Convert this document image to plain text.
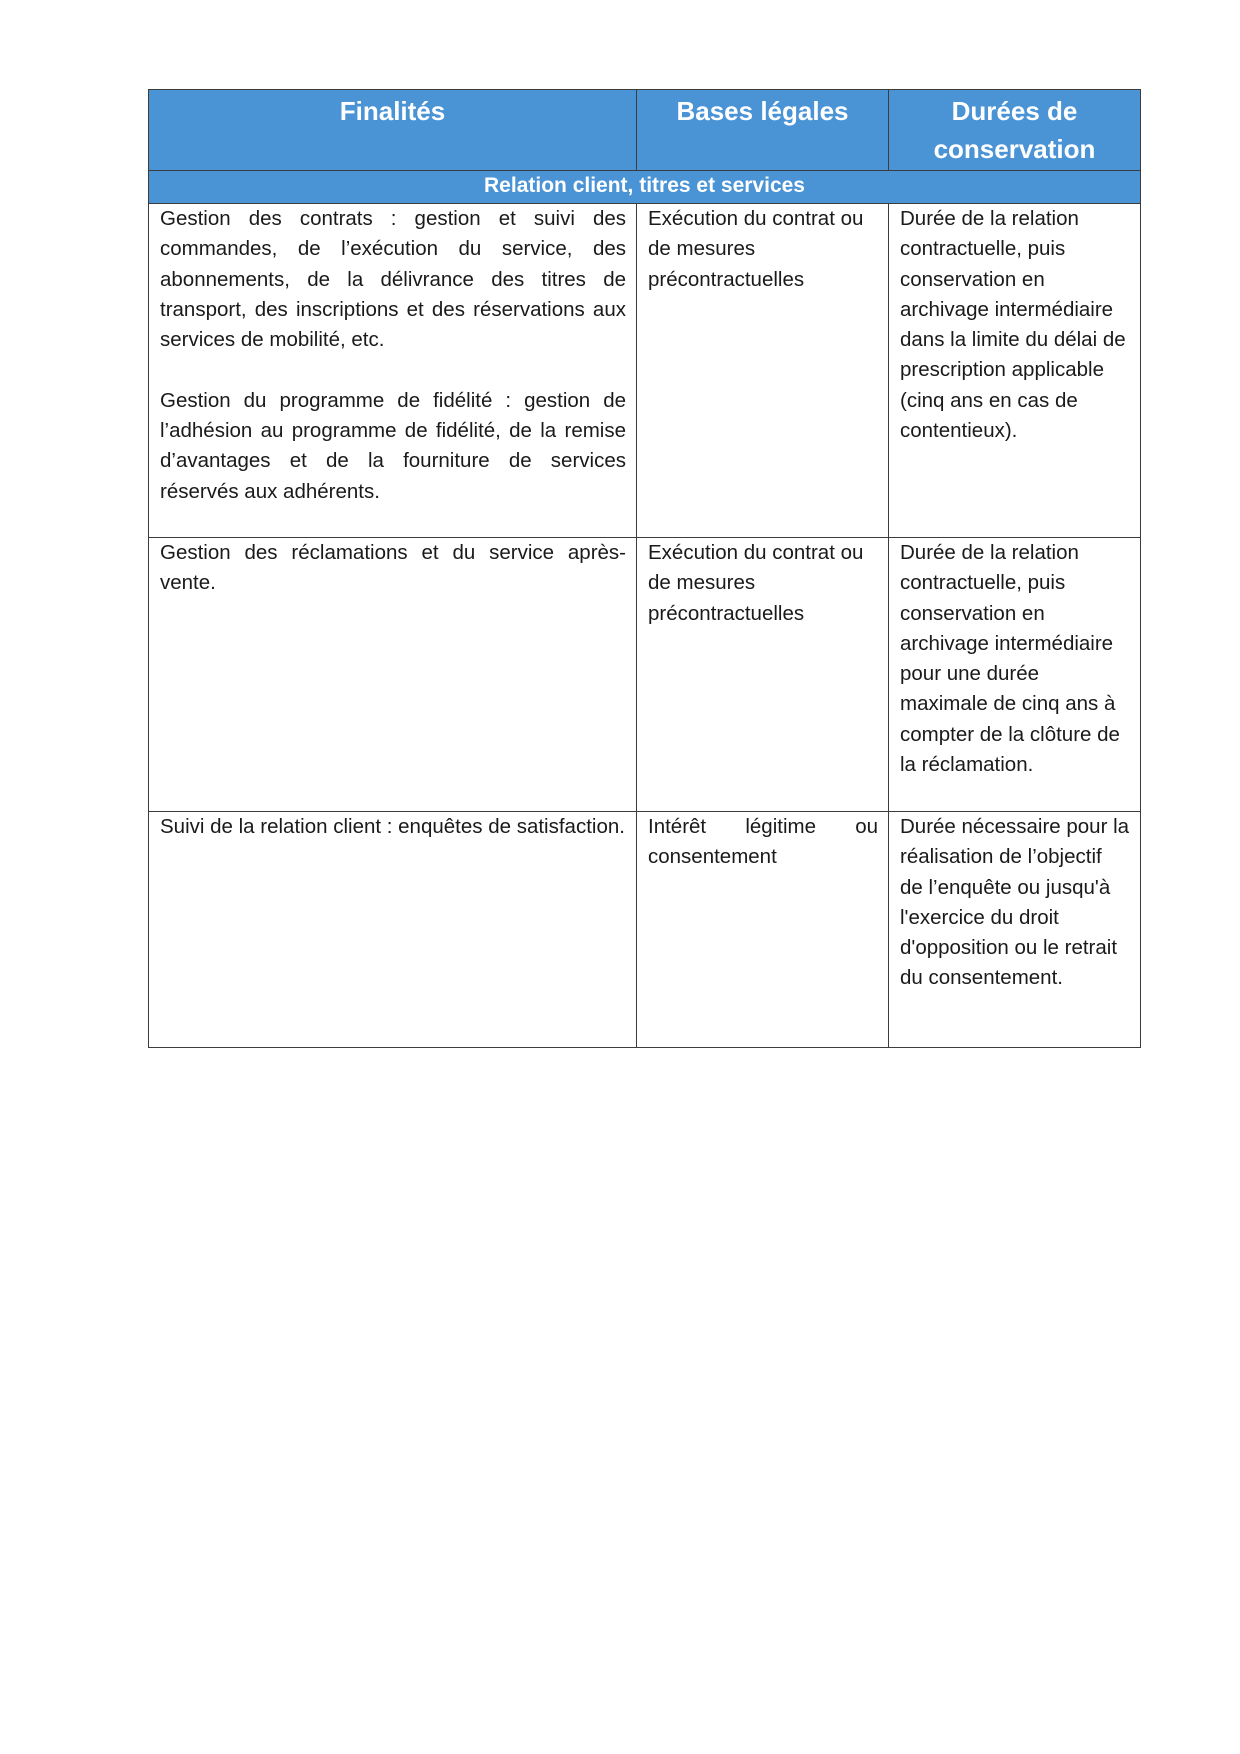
Finalités	Bases légales	Durées de conservation
Relation client, titres et services		

Gestion des contrats : gestion et suivi des commandes, de l’exécution du service, des abonnements, de la délivrance des titres de transport, des inscriptions et des réservations aux services de mobilité, etc.

Gestion du programme de fidélité : gestion de l’adhésion au programme de fidélité, de la remise d’avantages et de la fourniture de services réservés aux adhérents.	Exécution du contrat ou de mesures précontractuelles	Durée de la relation contractuelle, puis conservation en archivage intermédiaire dans la limite du délai de prescription applicable (cinq ans en cas de contentieux).

Gestion des réclamations et du service après-vente.	Exécution du contrat ou de mesures précontractuelles	Durée de la relation contractuelle, puis conservation en archivage intermédiaire pour une durée maximale de cinq ans à compter de la clôture de la réclamation.

Suivi de la relation client : enquêtes de satisfaction.	Intérêt légitime ou consentement	Durée nécessaire pour la réalisation de l’objectif de l’enquête ou jusqu'à l'exercice du droit d'opposition ou le retrait du consentement.
